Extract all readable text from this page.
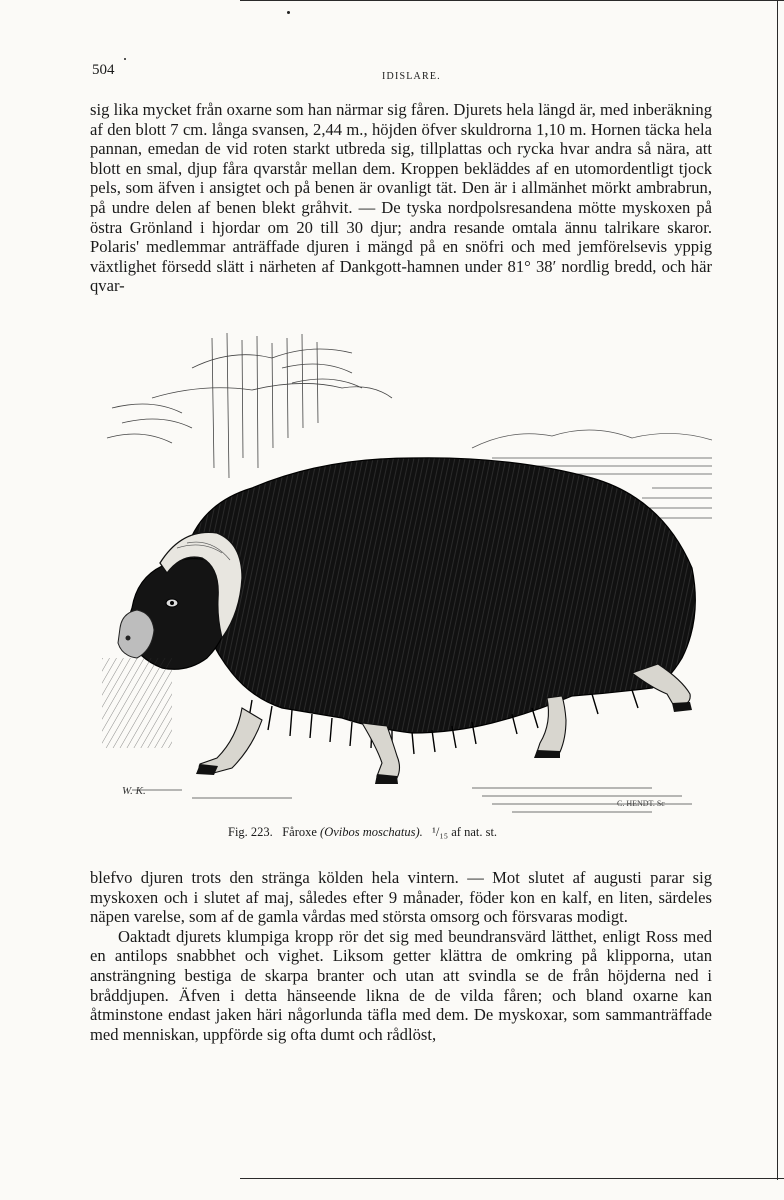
504	IDISLARE.

sig lika mycket från oxarne som han närmar sig fåren. Djurets hela längd är, med inberäkning af den blott 7 cm. långa svansen, 2,44 m., höjden öfver skuldrorna 1,10 m. Hornen täcka hela pannan, emedan de vid roten starkt utbreda sig, tillplattas och rycka hvar andra så nära, att blott en smal, djup fåra qvarstår mellan dem. Kroppen bekläddes af en utomordentligt tjock pels, som äfven i ansigtet och på benen är ovanligt tät. Den är i allmänhet mörkt ambrabrun, på undre delen af benen blekt gråhvit. — De tyska nordpolsresandena mötte myskoxen på östra Grönland i hjordar om 20 till 30 djur; andra resande omtala ännu talrikare skaror. Polaris' medlemmar anträffade djuren i mängd på en snöfri och med jemförelsevis yppig växtlighet försedd slätt i närheten af Dankgott-hamnen under 81° 38′ nordlig bredd, och här qvar-

W. K.
C. HENDT. Sc
Fig. 223. Fåroxe (Ovibos moschatus). ¹/₁₅ af nat. st.

blefvo djuren trots den stränga kölden hela vintern. — Mot slutet af augusti parar sig myskoxen och i slutet af maj, således efter 9 månader, föder kon en kalf, en liten, särdeles näpen varelse, som af de gamla vårdas med största omsorg och försvaras modigt.

Oaktadt djurets klumpiga kropp rör det sig med beundransvärd lätthet, enligt Ross med en antilops snabbhet och vighet. Liksom getter klättra de omkring på klipporna, utan ansträngning bestiga de skarpa branter och utan att svindla se de från höjderna ned i bråddjupen. Äfven i detta hänseende likna de de vilda fåren; och bland oxarne kan åtminstone endast jaken häri någorlunda täfla med dem. De myskoxar, som sammanträffade med menniskan, uppförde sig ofta dumt och rådlöst,
